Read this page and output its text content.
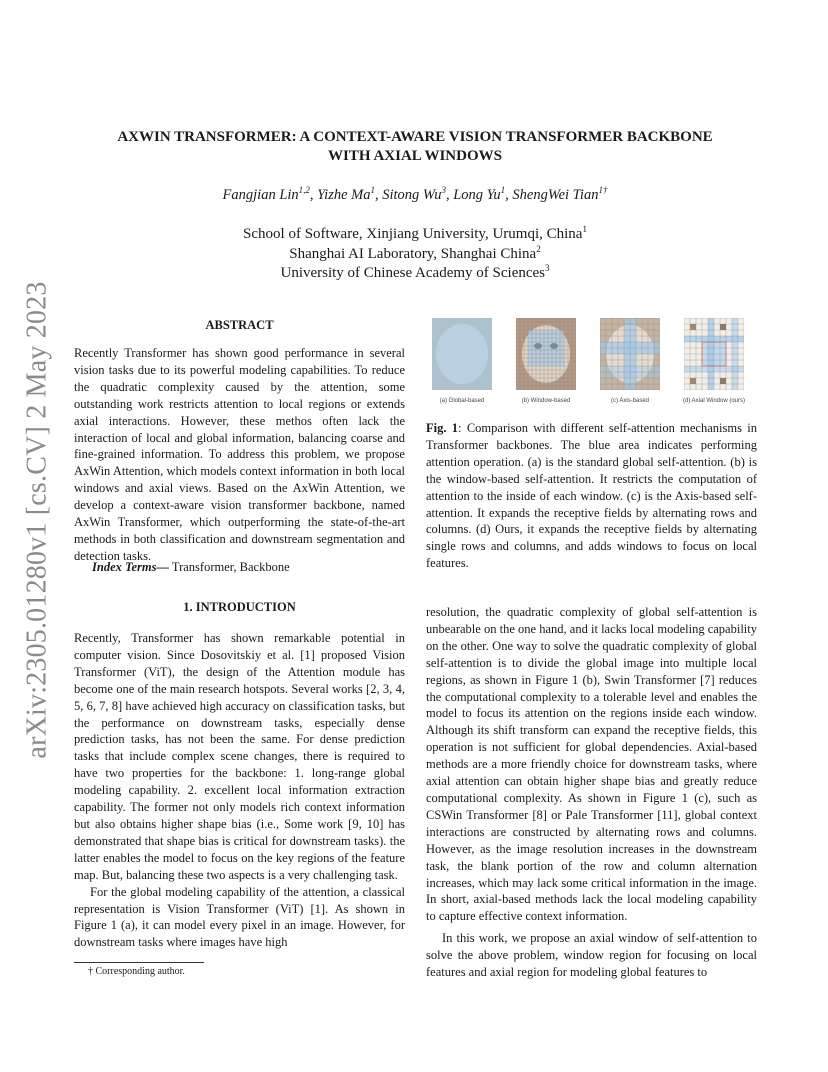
arXiv:2305.01280v1 [cs.CV] 2 May 2023
AXWIN TRANSFORMER: A CONTEXT-AWARE VISION TRANSFORMER BACKBONE
WITH AXIAL WINDOWS
Fangjian Lin$^{1,2}$, Yizhe Ma$^1$, Sitong Wu$^3$, Long Yu$^1$, ShengWei Tian$^{1\dagger}$
School of Software, Xinjiang University, Urumqi, China$^1$
Shanghai AI Laboratory, Shanghai China$^2$
University of Chinese Academy of Sciences$^3$
ABSTRACT

Recently Transformer has shown good performance in several vision tasks due to its powerful modeling capabilities. To reduce the quadratic complexity caused by the attention, some outstanding work restricts attention to local regions or extends axial interactions. However, these methos often lack the interaction of local and global information, balancing coarse and fine-grained information. To address this problem, we propose AxWin Attention, which models context information in both local windows and axial views. Based on the AxWin Attention, we develop a context-aware vision transformer backbone, named AxWin Transformer, which outperforming the state-of-the-art methods in both classification and downstream segmentation and detection tasks.

Index Terms— Transformer, Backbone
1. INTRODUCTION

Recently, Transformer has shown remarkable potential in computer vision. Since Dosovitskiy et al. [1] proposed Vision Transformer (ViT), the design of the Attention module has become one of the main research hotspots. Several works [2, 3, 4, 5, 6, 7, 8] have achieved high accuracy on classification tasks, but the performance on downstream tasks, especially dense prediction tasks, has not been the same. For dense prediction tasks that include complex scene changes, there is required to have two properties for the backbone: 1. long-range global modeling capability. 2. excellent local information extraction capability. The former not only models rich context information but also obtains higher shape bias (i.e., Some work [9, 10] has demonstrated that shape bias is critical for downstream tasks). the latter enables the model to focus on the key regions of the feature map. But, balancing these two aspects is a very challenging task.

For the global modeling capability of the attention, a classical representation is Vision Transformer (ViT) [1]. As shown in Figure 1 (a), it can model every pixel in an image. However, for downstream tasks where images have high

† Corresponding author.
(a) Global-based	(b) Window-based	(c) Axis-based	(d) Axial Window (ours)
Fig. 1: Comparison with different self-attention mechanisms in Transformer backbones. The blue area indicates performing attention operation. (a) is the standard global self-attention. (b) is the window-based self-attention. It restricts the computation of attention to the inside of each window. (c) is the Axis-based self-attention. It expands the receptive fields by alternating rows and columns. (d) Ours, it expands the receptive fields by alternating single rows and columns, and adds windows to focus on local features.

resolution, the quadratic complexity of global self-attention is unbearable on the one hand, and it lacks local modeling capability on the other. One way to solve the quadratic complexity of global self-attention is to divide the global image into multiple local regions, as shown in Figure 1 (b), Swin Transformer [7] reduces the computational complexity to a tolerable level and enables the model to focus its attention on the regions inside each window. Although its shift transform can expand the receptive fields, this operation is not sufficient for global dependencies. Axial-based methods are a more friendly choice for downstream tasks, where axial attention can obtain higher shape bias and greatly reduce computational complexity. As shown in Figure 1 (c), such as CSWin Transformer [8] or Pale Transformer [11], global context interactions are constructed by alternating rows and columns. However, as the image resolution increases in the downstream task, the blank portion of the row and column alternation increases, which may lack some critical information in the image. In short, axial-based methods lack the local modeling capability to capture effective context information.

In this work, we propose an axial window of self-attention to solve the above problem, window region for focusing on local features and axial region for modeling global features to
